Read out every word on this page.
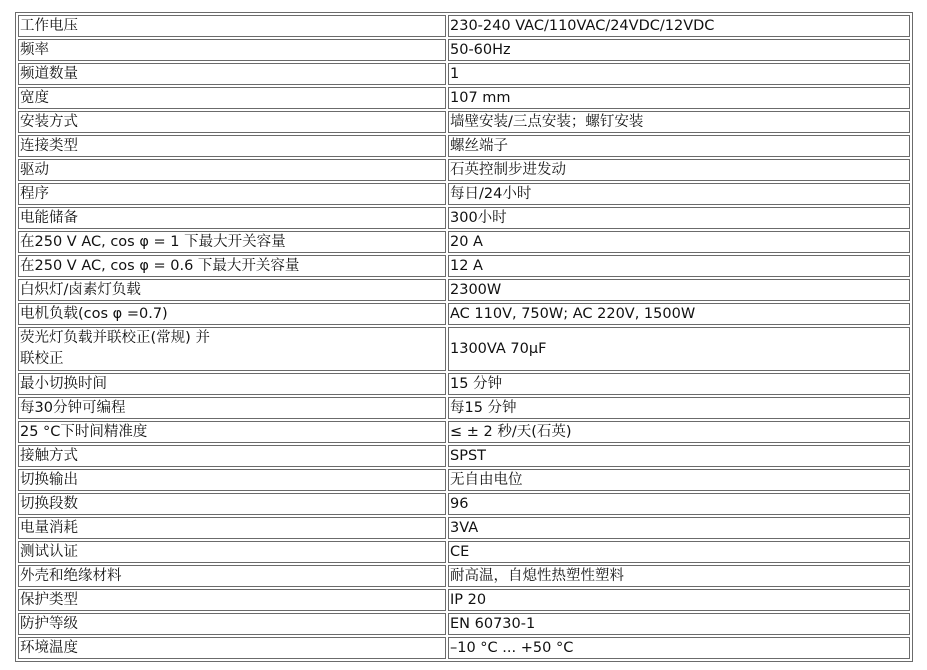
工作电压	230-240 VAC/110VAC/24VDC/12VDC
频率	50-60Hz
频道数量	1
宽度	107 mm
安装方式	墙壁安装/三点安装；螺钉安装
连接类型	螺丝端子
驱动	石英控制步进发动
程序	每日/24小时
电能储备	300小时
在250 V AC, cos φ = 1 下最大开关容量	20 A
在250 V AC, cos φ = 0.6 下最大开关容量	12 A
白炽灯/卤素灯负载	2300W
电机负载(cos φ =0.7)	AC 110V, 750W; AC 220V, 1500W

荧光灯负载并联校正(常规) 并
联校正	1300VA 70μF
最小切换时间	15 分钟
每30分钟可编程	每15 分钟
25 °C下时间精准度	≤ ± 2 秒/天(石英)
接触方式	SPST
切换输出	无自由电位
切换段数	96
电量消耗	3VA
测试认证	CE
外壳和绝缘材料	耐高温，自熄性热塑性塑料
保护类型	IP 20
防护等级	EN 60730-1
环境温度	–10 °C ... +50 °C
